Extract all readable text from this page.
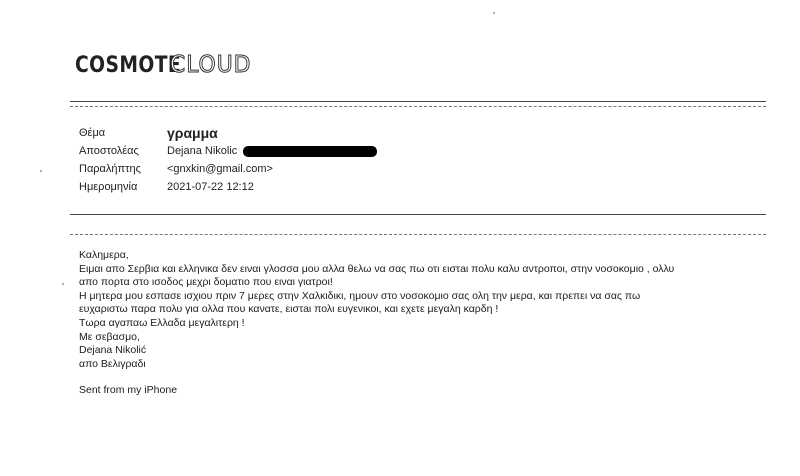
COSMOTE
CLOUD
Θέμα	γραμμα
Αποστολέας	Dejana Nikolic
Παραλήπτης	<gnxkin@gmail.com>
Ημερομηνία	2021-07-22 12:12

Καλημερα,

Ειμαι απο Σερβια και ελληνικα δεν ειναι γλοσσα μου αλλα θελω να σας πω οτι ειστaι πολυ καλυ αντροποι, στην νοσοκομιο , ολλυ

απο πορτα στο ισοδος μεχρι δοματιο που ειναι γιατροι!

Η μητερα μου εσπασε ισχιου πριν 7 μερες στην Χαλκιδικι, ημουν στο νοσοκομιο σας ολη την μερα, και πρεπει να σας πω

ευχαριστω παρα πολυ για ολλα που κανατε, ειστaι πολι ευγενικοι, και εχετε μεγαλη καρδη !

Τωρα αγαπαω Ελλαδα μεγαλιτερη !

Με σεβασμο,

Dejana Nikolić

απο Βελιγραδι

Sent from my iPhone
